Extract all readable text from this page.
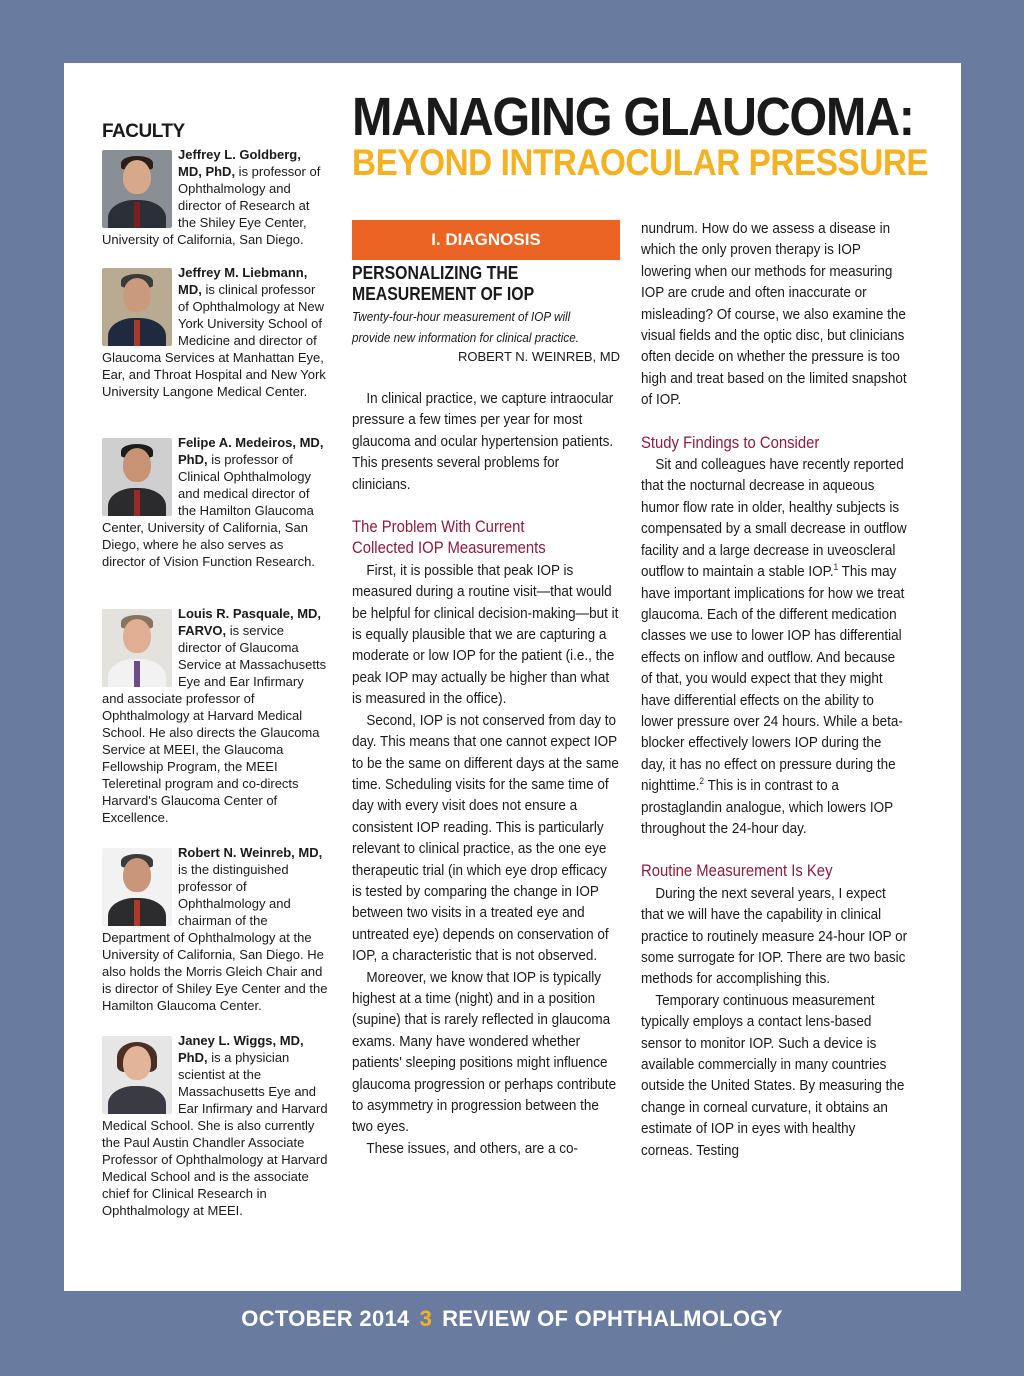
FACULTY
Jeffrey L. Goldberg, MD, PhD, is professor of Ophthalmology and director of Research at the Shiley Eye Center, University of California, San Diego.
Jeffrey M. Liebmann, MD, is clinical professor of Ophthalmology at New York University School of Medicine and director of Glaucoma Services at Manhattan Eye, Ear, and Throat Hospital and New York University Langone Medical Center.
Felipe A. Medeiros, MD, PhD, is professor of Clinical Ophthalmology and medical director of the Hamilton Glaucoma Center, University of California, San Diego, where he also serves as director of Vision Function Research.
Louis R. Pasquale, MD, FARVO, is service director of Glaucoma Service at Massachusetts Eye and Ear Infirmary and associate professor of Ophthalmology at Harvard Medical School. He also directs the Glaucoma Service at MEEI, the Glaucoma Fellowship Program, the MEEI Teleretinal program and co-directs Harvard's Glaucoma Center of Excellence.
Robert N. Weinreb, MD, is the distinguished professor of Ophthalmology and chairman of the Department of Ophthalmology at the University of California, San Diego. He also holds the Morris Gleich Chair and is director of Shiley Eye Center and the Hamilton Glaucoma Center.
Janey L. Wiggs, MD, PhD, is a physician scientist at the Massachusetts Eye and Ear Infirmary and Harvard Medical School. She is also currently the Paul Austin Chandler Associate Professor of Ophthalmology at Harvard Medical School and is the associate chief for Clinical Research in Ophthalmology at MEEI.
MANAGING GLAUCOMA:
BEYOND INTRAOCULAR PRESSURE
I. DIAGNOSIS
PERSONALIZING THE
MEASUREMENT OF IOP
Twenty-four-hour measurement of IOP will
provide new information for clinical practice.
ROBERT N. WEINREB, MD

In clinical practice, we capture intraocular pressure a few times per year for most glaucoma and ocular hypertension patients. This presents several problems for clinicians.

The Problem With Current
Collected IOP Measurements

First, it is possible that peak IOP is measured during a routine visit—that would be helpful for clinical decision-making—but it is equally plausible that we are capturing a moderate or low IOP for the patient (i.e., the peak IOP may actually be higher than what is measured in the office).

Second, IOP is not conserved from day to day. This means that one cannot expect IOP to be the same on different days at the same time. Scheduling visits for the same time of day with every visit does not ensure a consistent IOP reading. This is particularly relevant to clinical practice, as the one eye therapeutic trial (in which eye drop efficacy is tested by comparing the change in IOP between two visits in a treated eye and untreated eye) depends on conservation of IOP, a characteristic that is not observed.

Moreover, we know that IOP is typically highest at a time (night) and in a position (supine) that is rarely reflected in glaucoma exams. Many have wondered whether patients' sleeping positions might influence glaucoma progression or perhaps contribute to asymmetry in progression between the two eyes.

These issues, and others, are a co-

nundrum. How do we assess a disease in which the only proven therapy is IOP lowering when our methods for measuring IOP are crude and often inaccurate or misleading? Of course, we also examine the visual fields and the optic disc, but clinicians often decide on whether the pressure is too high and treat based on the limited snapshot of IOP.

Study Findings to Consider

Sit and colleagues have recently reported that the nocturnal decrease in aqueous humor flow rate in older, healthy subjects is compensated by a small decrease in outflow facility and a large decrease in uveoscleral outflow to maintain a stable IOP.$^1$ This may have important implications for how we treat glaucoma. Each of the different medication classes we use to lower IOP has differential effects on inflow and outflow. And because of that, you would expect that they might have differential effects on the ability to lower pressure over 24 hours. While a beta-blocker effectively lowers IOP during the day, it has no effect on pressure during the nighttime.$^2$ This is in contrast to a prostaglandin analogue, which lowers IOP throughout the 24-hour day.

Routine Measurement Is Key

During the next several years, I expect that we will have the capability in clinical practice to routinely measure 24-hour IOP or some surrogate for IOP. There are two basic methods for accomplishing this.

Temporary continuous measurement typically employs a contact lens-based sensor to monitor IOP. Such a device is available commercially in many countries outside the United States. By measuring the change in corneal curvature, it obtains an estimate of IOP in eyes with healthy corneas. Testing

OCTOBER 2014 3 REVIEW OF OPHTHALMOLOGY
